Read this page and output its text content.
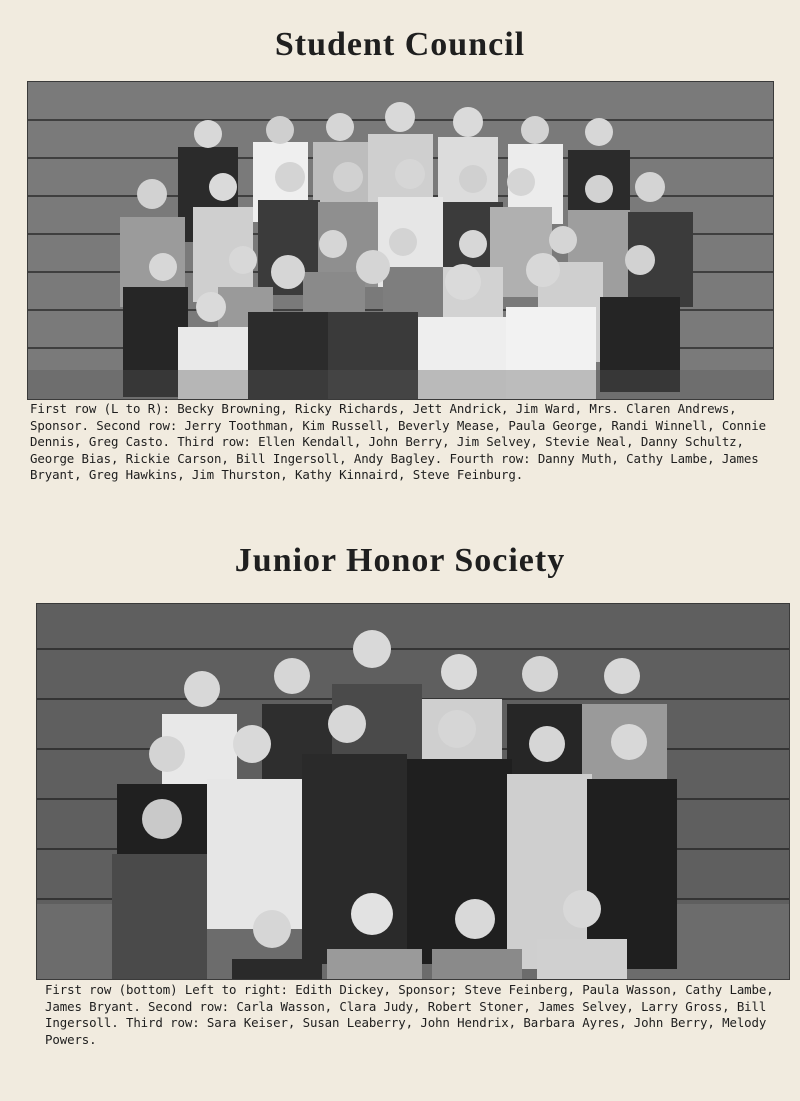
Student Council

First row (L to R): Becky Browning, Ricky Richards, Jett Andrick, Jim Ward, Mrs. Claren Andrews, Sponsor. Second row: Jerry Toothman, Kim Russell, Beverly Mease, Paula George, Randi Winnell, Connie Dennis, Greg Casto. Third row: Ellen Kendall, John Berry, Jim Selvey, Stevie Neal, Danny Schultz, George Bias, Rickie Carson, Bill Ingersoll, Andy Bagley. Fourth row: Danny Muth, Cathy Lambe, James Bryant, Greg Hawkins, Jim Thurston, Kathy Kinnaird, Steve Feinburg.

Junior Honor Society

First row (bottom) Left to right: Edith Dickey, Sponsor; Steve Feinberg, Paula Wasson, Cathy Lambe, James Bryant. Second row: Carla Wasson, Clara Judy, Robert Stoner, James Selvey, Larry Gross, Bill Ingersoll. Third row: Sara Keiser, Susan Leaberry, John Hendrix, Barbara Ayres, John Berry, Melody Powers.
